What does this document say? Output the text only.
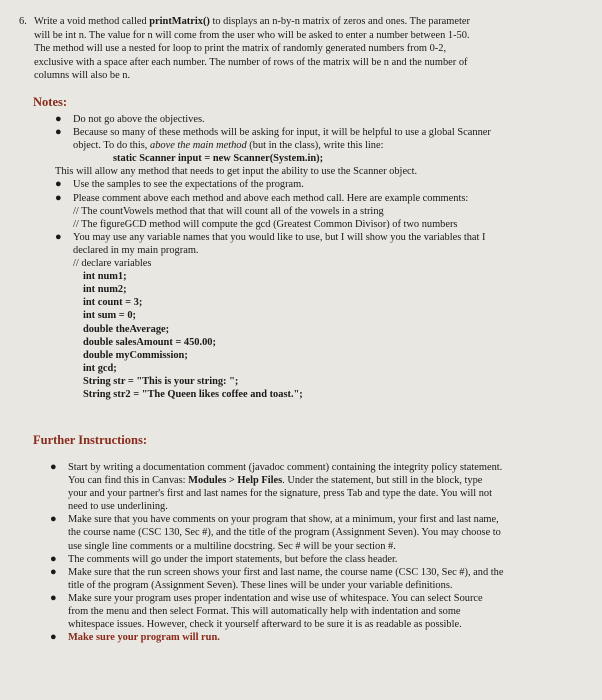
6. Write a void method called printMatrix() to displays an n-by-n matrix of zeros and ones. The parameter
will be int n. The value for n will come from the user who will be asked to enter a number between 1-50.
The method will use a nested for loop to print the matrix of randomly generated numbers from 0-2,
exclusive with a space after each number. The number of rows of the matrix will be n and the number of
columns will also be n.
Notes:
● Do not go above the objectives.
● Because so many of these methods will be asking for input, it will be helpful to use a global Scanner
object. To do this, above the main method (but in the class), write this line:
static Scanner input = new Scanner(System.in);
This will allow any method that needs to get input the ability to use the Scanner object.
● Use the samples to see the expectations of the program.
● Please comment above each method and above each method call. Here are example comments:
// The countVowels method that that will count all of the vowels in a string
// The figureGCD method will compute the gcd (Greatest Common Divisor) of two numbers
● You may use any variable names that you would like to use, but I will show you the variables that I
declared in my main program.
// declare variables
int num1;
int num2;
int count = 3;
int sum = 0;
double theAverage;
double salesAmount = 450.00;
double myCommission;
int gcd;
String str = "This is your string: ";
String str2 = "The Queen likes coffee and toast.";
Further Instructions:
● Start by writing a documentation comment (javadoc comment) containing the integrity policy statement.
You can find this in Canvas: Modules > Help Files. Under the statement, but still in the block, type
your and your partner's first and last names for the signature, press Tab and type the date. You will not
need to use underlining.
● Make sure that you have comments on your program that show, at a minimum, your first and last name,
the course name (CSC 130, Sec #), and the title of the program (Assignment Seven). You may choose to
use single line comments or a multiline docstring. Sec # will be your section #.
● The comments will go under the import statements, but before the class header.
● Make sure that the run screen shows your first and last name, the course name (CSC 130, Sec #), and the
title of the program (Assignment Seven). These lines will be under your variable definitions.
● Make sure your program uses proper indentation and wise use of whitespace. You can select Source
from the menu and then select Format. This will automatically help with indentation and some
whitespace issues. However, check it yourself afterward to be sure it is as readable as possible.
● Make sure your program will run.
